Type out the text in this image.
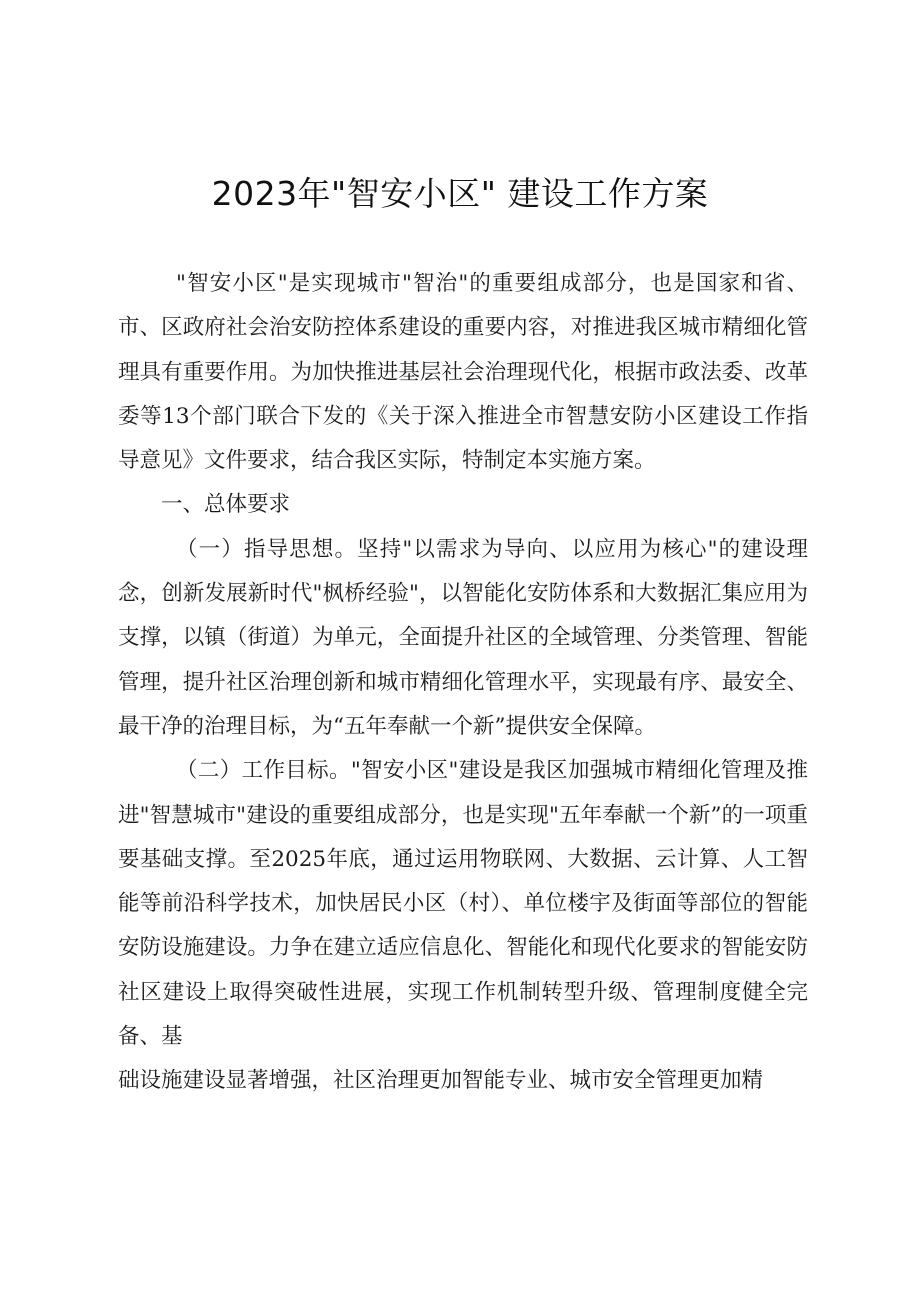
2023年"智安小区" 建设工作方案

"智安小区"是实现城市"智治"的重要组成部分，也是国家和省、市、区政府社会治安防控体系建设的重要内容，对推进我区城市精细化管理具有重要作用。为加快推进基层社会治理现代化，根据市政法委、改革委等13个部门联合下发的《关于深入推进全市智慧安防小区建设工作指导意见》文件要求，结合我区实际，特制定本实施方案。

一、总体要求

（一）指导思想。坚持"以需求为导向、以应用为核心"的建设理念，创新发展新时代"枫桥经验"，以智能化安防体系和大数据汇集应用为支撑，以镇（街道）为单元，全面提升社区的全域管理、分类管理、智能管理，提升社区治理创新和城市精细化管理水平，实现最有序、最安全、最干净的治理目标，为“五年奉献一个新”提供安全保障。

（二）工作目标。"智安小区"建设是我区加强城市精细化管理及推进"智慧城市"建设的重要组成部分，也是实现"五年奉献一个新”的一项重要基础支撑。至2025年底，通过运用物联网、大数据、云计算、人工智能等前沿科学技术，加快居民小区（村）、单位楼宇及街面等部位的智能安防设施建设。力争在建立适应信息化、智能化和现代化要求的智能安防社区建设上取得突破性进展，实现工作机制转型升级、管理制度健全完备、基

础设施建设显著增强，社区治理更加智能专业、城市安全管理更加精
